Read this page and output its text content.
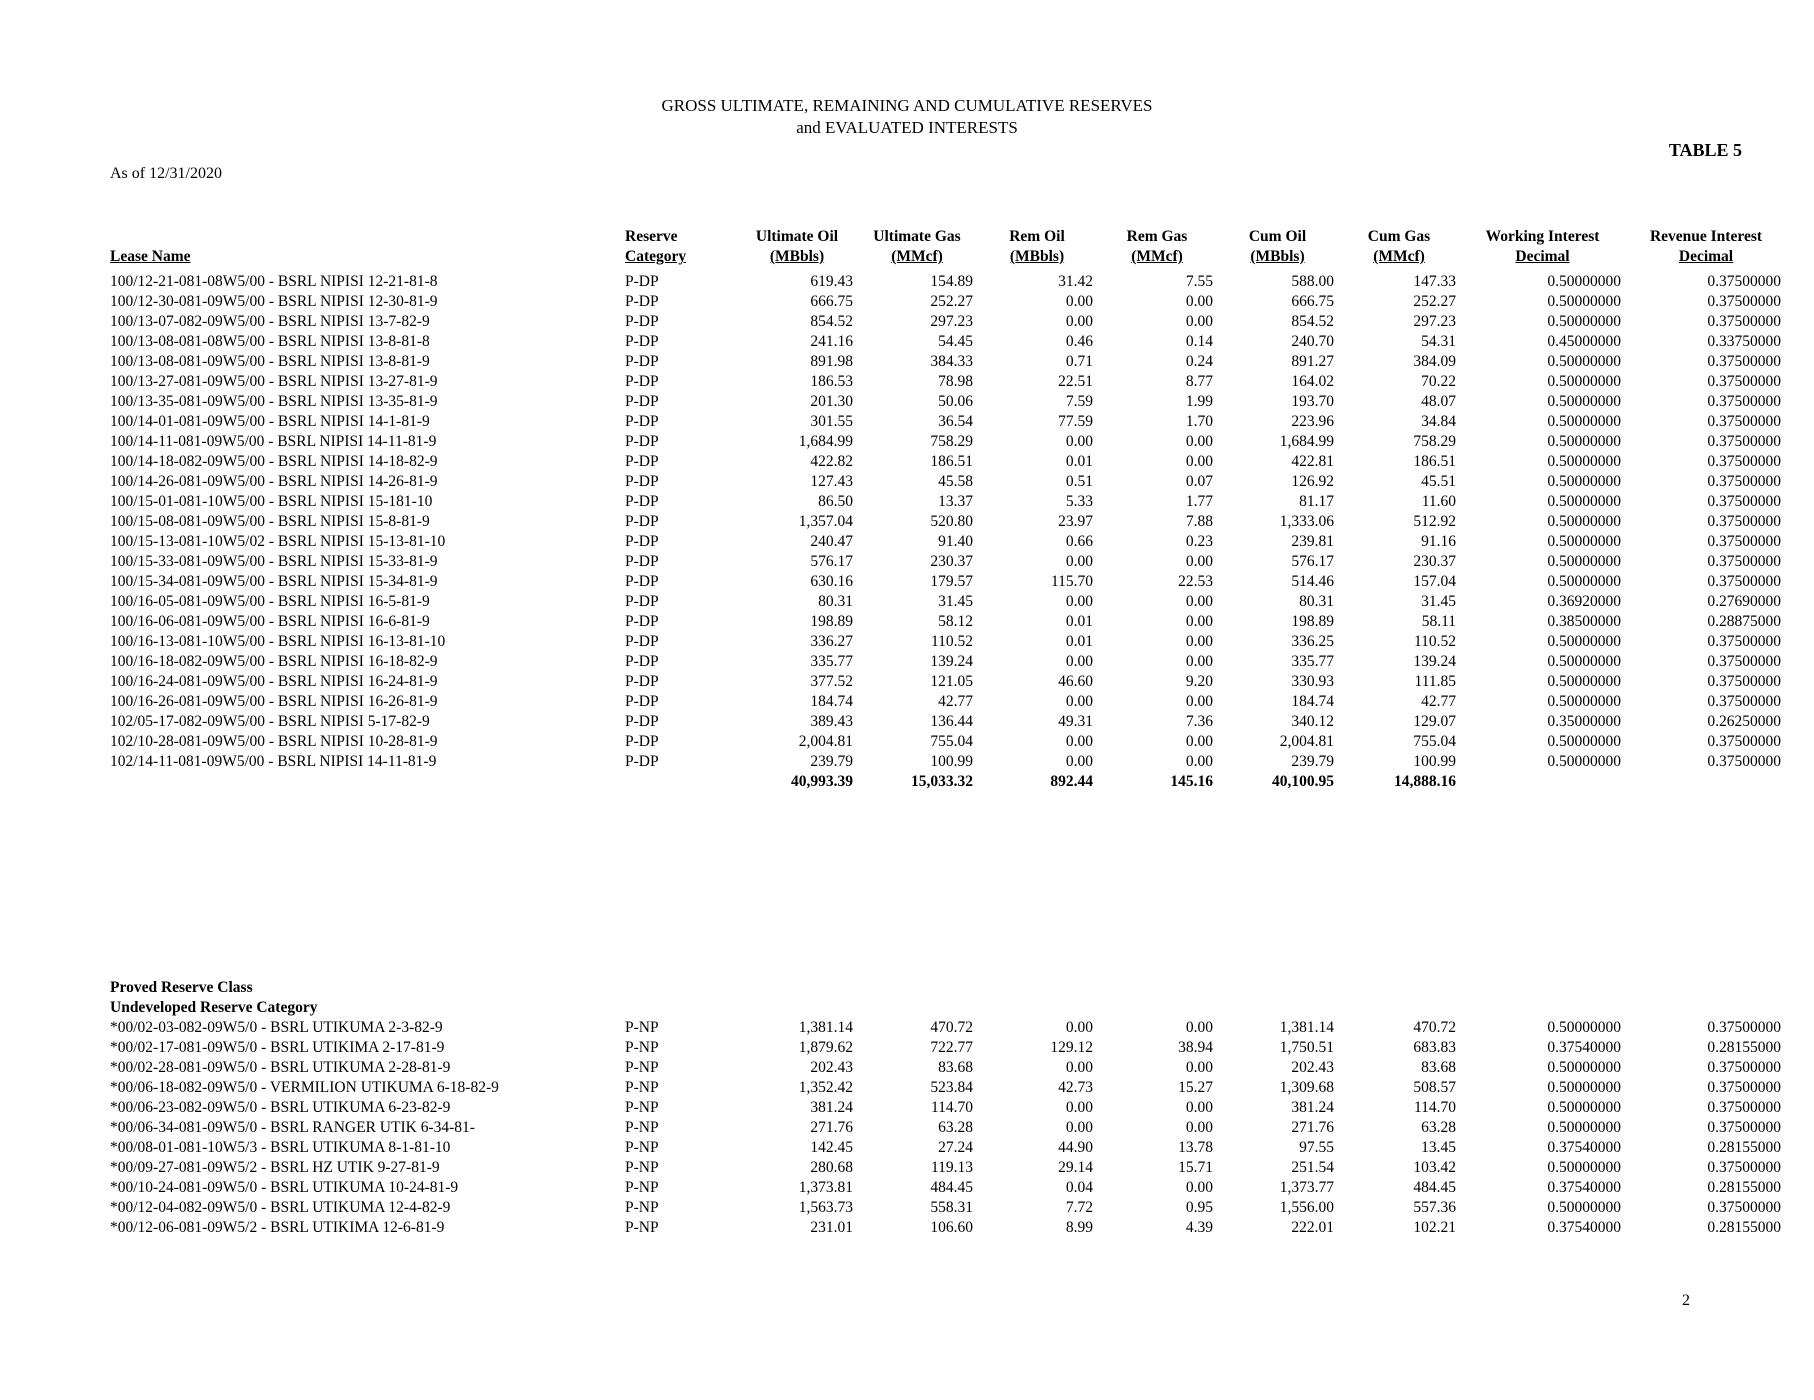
GROSS ULTIMATE, REMAINING AND CUMULATIVE RESERVES
and EVALUATED INTERESTS
TABLE 5
As of 12/31/2020
	Reserve	Ultimate Oil	Ultimate Gas	Rem Oil	Rem Gas	Cum Oil	Cum Gas	Working Interest	Revenue Interest
Lease Name	Category	(MBbls)	(MMcf)	(MBbls)	(MMcf)	(MBbls)	(MMcf)	Decimal	Decimal
100/12-21-081-08W5/00 - BSRL NIPISI 12-21-81-8	P-DP	619.43	154.89	31.42	7.55	588.00	147.33	0.50000000	0.37500000
100/12-30-081-09W5/00 - BSRL NIPISI 12-30-81-9	P-DP	666.75	252.27	0.00	0.00	666.75	252.27	0.50000000	0.37500000
100/13-07-082-09W5/00 - BSRL NIPISI 13-7-82-9	P-DP	854.52	297.23	0.00	0.00	854.52	297.23	0.50000000	0.37500000
100/13-08-081-08W5/00 - BSRL NIPISI 13-8-81-8	P-DP	241.16	54.45	0.46	0.14	240.70	54.31	0.45000000	0.33750000
100/13-08-081-09W5/00 - BSRL NIPISI 13-8-81-9	P-DP	891.98	384.33	0.71	0.24	891.27	384.09	0.50000000	0.37500000
100/13-27-081-09W5/00 - BSRL NIPISI 13-27-81-9	P-DP	186.53	78.98	22.51	8.77	164.02	70.22	0.50000000	0.37500000
100/13-35-081-09W5/00 - BSRL NIPISI 13-35-81-9	P-DP	201.30	50.06	7.59	1.99	193.70	48.07	0.50000000	0.37500000
100/14-01-081-09W5/00 - BSRL NIPISI 14-1-81-9	P-DP	301.55	36.54	77.59	1.70	223.96	34.84	0.50000000	0.37500000
100/14-11-081-09W5/00 - BSRL NIPISI 14-11-81-9	P-DP	1,684.99	758.29	0.00	0.00	1,684.99	758.29	0.50000000	0.37500000
100/14-18-082-09W5/00 - BSRL NIPISI 14-18-82-9	P-DP	422.82	186.51	0.01	0.00	422.81	186.51	0.50000000	0.37500000
100/14-26-081-09W5/00 - BSRL NIPISI 14-26-81-9	P-DP	127.43	45.58	0.51	0.07	126.92	45.51	0.50000000	0.37500000
100/15-01-081-10W5/00 - BSRL NIPISI 15-181-10	P-DP	86.50	13.37	5.33	1.77	81.17	11.60	0.50000000	0.37500000
100/15-08-081-09W5/00 - BSRL NIPISI 15-8-81-9	P-DP	1,357.04	520.80	23.97	7.88	1,333.06	512.92	0.50000000	0.37500000
100/15-13-081-10W5/02 - BSRL NIPISI 15-13-81-10	P-DP	240.47	91.40	0.66	0.23	239.81	91.16	0.50000000	0.37500000
100/15-33-081-09W5/00 - BSRL NIPISI 15-33-81-9	P-DP	576.17	230.37	0.00	0.00	576.17	230.37	0.50000000	0.37500000
100/15-34-081-09W5/00 - BSRL NIPISI 15-34-81-9	P-DP	630.16	179.57	115.70	22.53	514.46	157.04	0.50000000	0.37500000
100/16-05-081-09W5/00 - BSRL NIPISI 16-5-81-9	P-DP	80.31	31.45	0.00	0.00	80.31	31.45	0.36920000	0.27690000
100/16-06-081-09W5/00 - BSRL NIPISI 16-6-81-9	P-DP	198.89	58.12	0.01	0.00	198.89	58.11	0.38500000	0.28875000
100/16-13-081-10W5/00 - BSRL NIPISI 16-13-81-10	P-DP	336.27	110.52	0.01	0.00	336.25	110.52	0.50000000	0.37500000
100/16-18-082-09W5/00 - BSRL NIPISI 16-18-82-9	P-DP	335.77	139.24	0.00	0.00	335.77	139.24	0.50000000	0.37500000
100/16-24-081-09W5/00 - BSRL NIPISI 16-24-81-9	P-DP	377.52	121.05	46.60	9.20	330.93	111.85	0.50000000	0.37500000
100/16-26-081-09W5/00 - BSRL NIPISI 16-26-81-9	P-DP	184.74	42.77	0.00	0.00	184.74	42.77	0.50000000	0.37500000
102/05-17-082-09W5/00 - BSRL NIPISI 5-17-82-9	P-DP	389.43	136.44	49.31	7.36	340.12	129.07	0.35000000	0.26250000
102/10-28-081-09W5/00 - BSRL NIPISI 10-28-81-9	P-DP	2,004.81	755.04	0.00	0.00	2,004.81	755.04	0.50000000	0.37500000
102/14-11-081-09W5/00 - BSRL NIPISI 14-11-81-9	P-DP	239.79	100.99	0.00	0.00	239.79	100.99	0.50000000	0.37500000
		40,993.39	15,033.32	892.44	145.16	40,100.95	14,888.16		

Proved Reserve Class									
Undeveloped Reserve Category									
*00/02-03-082-09W5/0 - BSRL UTIKUMA 2-3-82-9	P-NP	1,381.14	470.72	0.00	0.00	1,381.14	470.72	0.50000000	0.37500000
*00/02-17-081-09W5/0 - BSRL UTIKIMA 2-17-81-9	P-NP	1,879.62	722.77	129.12	38.94	1,750.51	683.83	0.37540000	0.28155000
*00/02-28-081-09W5/0 - BSRL UTIKUMA 2-28-81-9	P-NP	202.43	83.68	0.00	0.00	202.43	83.68	0.50000000	0.37500000
*00/06-18-082-09W5/0 - VERMILION UTIKUMA 6-18-82-9	P-NP	1,352.42	523.84	42.73	15.27	1,309.68	508.57	0.50000000	0.37500000
*00/06-23-082-09W5/0 - BSRL UTIKUMA 6-23-82-9	P-NP	381.24	114.70	0.00	0.00	381.24	114.70	0.50000000	0.37500000
*00/06-34-081-09W5/0 - BSRL RANGER UTIK 6-34-81-	P-NP	271.76	63.28	0.00	0.00	271.76	63.28	0.50000000	0.37500000
*00/08-01-081-10W5/3 - BSRL UTIKUMA 8-1-81-10	P-NP	142.45	27.24	44.90	13.78	97.55	13.45	0.37540000	0.28155000
*00/09-27-081-09W5/2 - BSRL HZ UTIK 9-27-81-9	P-NP	280.68	119.13	29.14	15.71	251.54	103.42	0.50000000	0.37500000
*00/10-24-081-09W5/0 - BSRL UTIKUMA 10-24-81-9	P-NP	1,373.81	484.45	0.04	0.00	1,373.77	484.45	0.37540000	0.28155000
*00/12-04-082-09W5/0 - BSRL UTIKUMA 12-4-82-9	P-NP	1,563.73	558.31	7.72	0.95	1,556.00	557.36	0.50000000	0.37500000
*00/12-06-081-09W5/2 - BSRL UTIKIMA 12-6-81-9	P-NP	231.01	106.60	8.99	4.39	222.01	102.21	0.37540000	0.28155000
2
